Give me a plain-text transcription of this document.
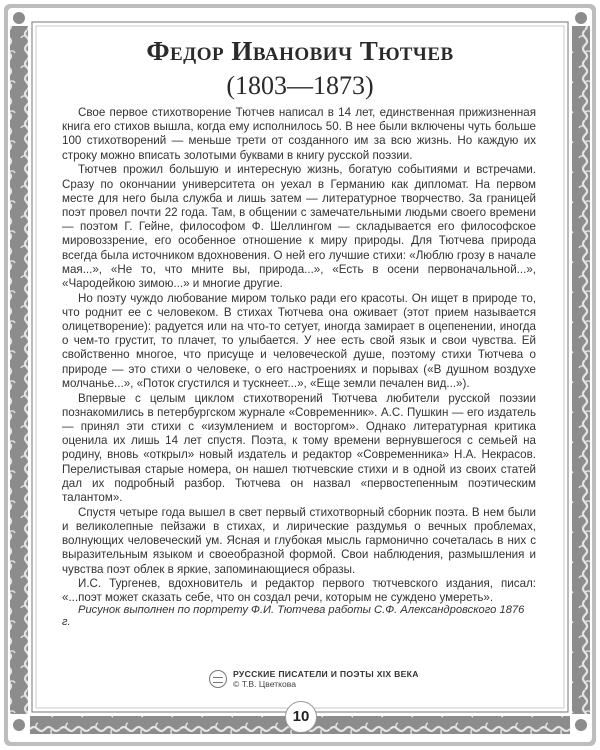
Федор Иванович Тютчев
(1803—1873)

Свое первое стихотворение Тютчев написал в 14 лет, единственная прижизненная книга его стихов вышла, когда ему исполнилось 50. В нее были включены чуть больше 100 стихотворений — меньше трети от созданного им за всю жизнь. Но каждую их строку можно вписать золотыми буквами в книгу русской поэзии.

Тютчев прожил большую и интересную жизнь, богатую событиями и встречами. Сразу по окончании университета он уехал в Германию как дипломат. На первом месте для него была служба и лишь затем — литературное творчество. За границей поэт провел почти 22 года. Там, в общении с замечательными людьми своего времени — поэтом Г. Гейне, философом Ф. Шеллингом — складывается его философское мировоззрение, его особенное отношение к миру природы. Для Тютчева природа всегда была источником вдохновения. О ней его лучшие стихи: «Люблю грозу в начале мая...», «Не то, что мните вы, природа...», «Есть в осени первоначальной...», «Чародейкою зимою...» и многие другие.

Но поэту чуждо любование миром только ради его красоты. Он ищет в природе то, что роднит ее с человеком. В стихах Тютчева она оживает (этот прием называется олицетворение): радуется или на что-то сетует, иногда замирает в оцепенении, иногда о чем-то грустит, то плачет, то улыбается. У нее есть свой язык и свои чувства. Ей свойственно многое, что присуще и человеческой душе, поэтому стихи Тютчева о природе — это стихи о человеке, о его настроениях и порывах («В душном воздухе молчанье...», «Поток сгустился и тускнеет...», «Еще земли печален вид...»).

Впервые с целым циклом стихотворений Тютчева любители русской поэзии познакомились в петербургском журнале «Современник». А.С. Пушкин — его издатель — принял эти стихи с «изумлением и восторгом». Однако литературная критика оценила их лишь 14 лет спустя. Поэта, к тому времени вернувшегося с семьей на родину, вновь «открыл» новый издатель и редактор «Современника» Н.А. Некрасов. Перелистывая старые номера, он нашел тютчевские стихи и в одной из своих статей дал их подробный разбор. Тютчева он назвал «первостепенным поэтическим талантом».

Спустя четыре года вышел в свет первый стихотворный сборник поэта. В нем были и великолепные пейзажи в стихах, и лирические раздумья о вечных проблемах, волнующих человеческий ум. Ясная и глубокая мысль гармонично сочеталась в них с выразительным языком и своеобразной формой. Свои наблюдения, размышления и чувства поэт облек в яркие, запоминающиеся образы.

И.С. Тургенев, вдохновитель и редактор первого тютчевского издания, писал: «...поэт может сказать себе, что он создал речи, которым не суждено умереть».

Рисунок выполнен по портрету Ф.И. Тютчева работы С.Ф. Александровского 1876 г.
РУССКИЕ ПИСАТЕЛИ И ПОЭТЫ XIX ВЕКА
© Т.В. Цветкова
10
